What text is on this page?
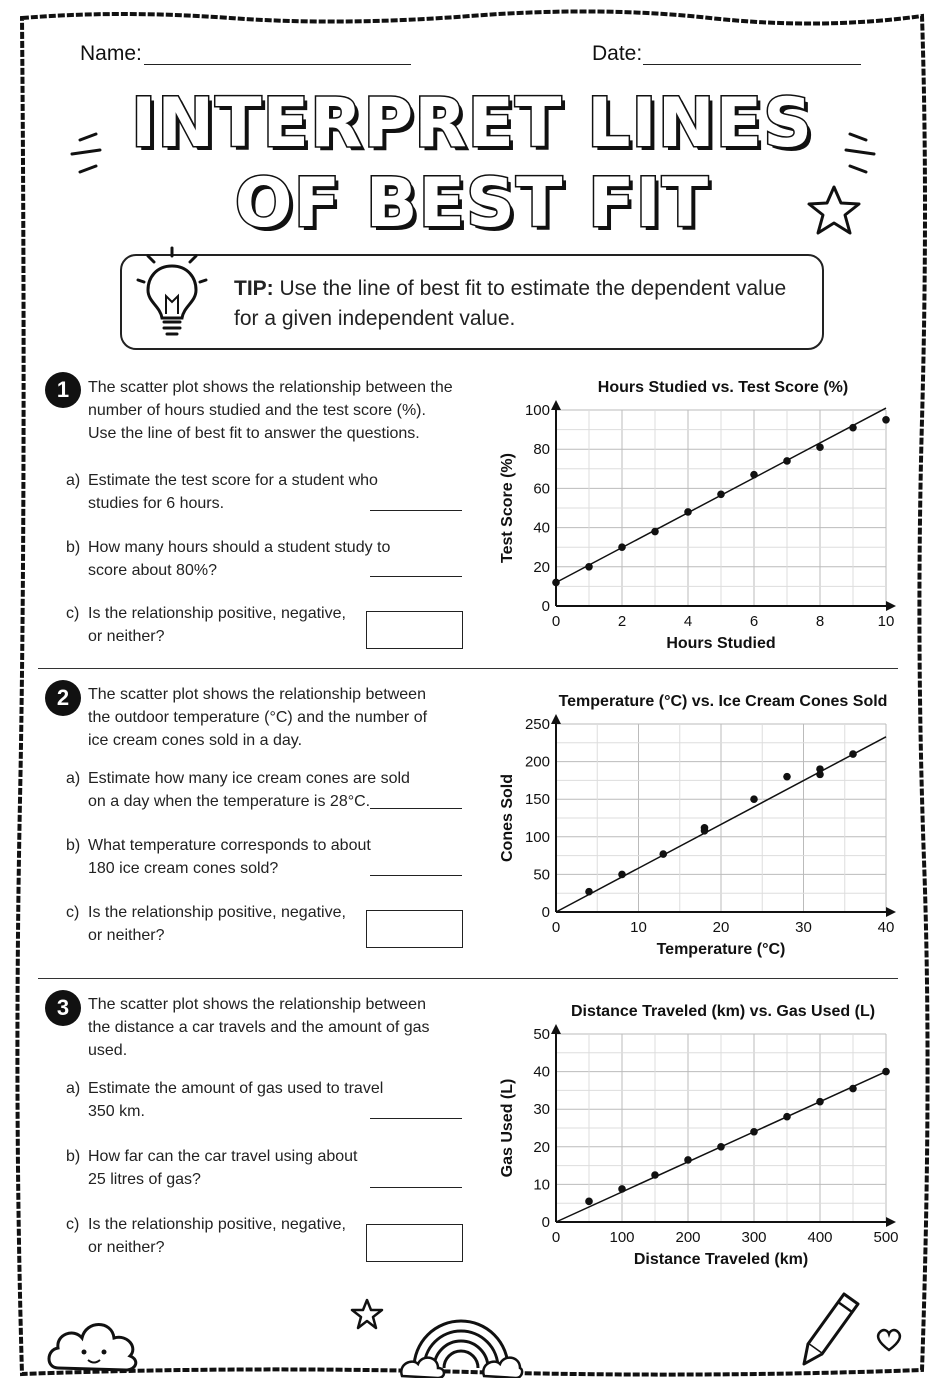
Name:	Date:
INTERPRET LINES
OF BEST FIT
TIP: Use the line of best fit to estimate the dependent value
for a given independent value.
1	The scatter plot shows the relationship between the
number of hours studied and the test score (%).
Use the line of best fit to answer the questions.
a) Estimate the test score for a student who
studies for 6 hours.
b) How many hours should a student study to
score about 80%?
c) Is the relationship positive, negative,
or neither?
Hours Studied vs. Test Score (%)
0	2	4	6	8	10
0
20
40
60
80
100
Hours Studied
Test Score (%)
2	The scatter plot shows the relationship between
the outdoor temperature (°C) and the number of
ice cream cones sold in a day.
a) Estimate how many ice cream cones are sold
on a day when the temperature is 28°C.
b) What temperature corresponds to about
180 ice cream cones sold?
c) Is the relationship positive, negative,
or neither?
Temperature (°C) vs. Ice Cream Cones Sold
0	10	20	30	40
0
50
100
150
200
250
Temperature (°C)
Cones Sold
3	The scatter plot shows the relationship between
the distance a car travels and the amount of gas
used.
a) Estimate the amount of gas used to travel
350 km.
b) How far can the car travel using about
25 litres of gas?
c) Is the relationship positive, negative,
or neither?
Distance Traveled (km) vs. Gas Used (L)
0	100	200	300	400	500
0
10
20
30
40
50
Distance Traveled (km)
Gas Used (L)
